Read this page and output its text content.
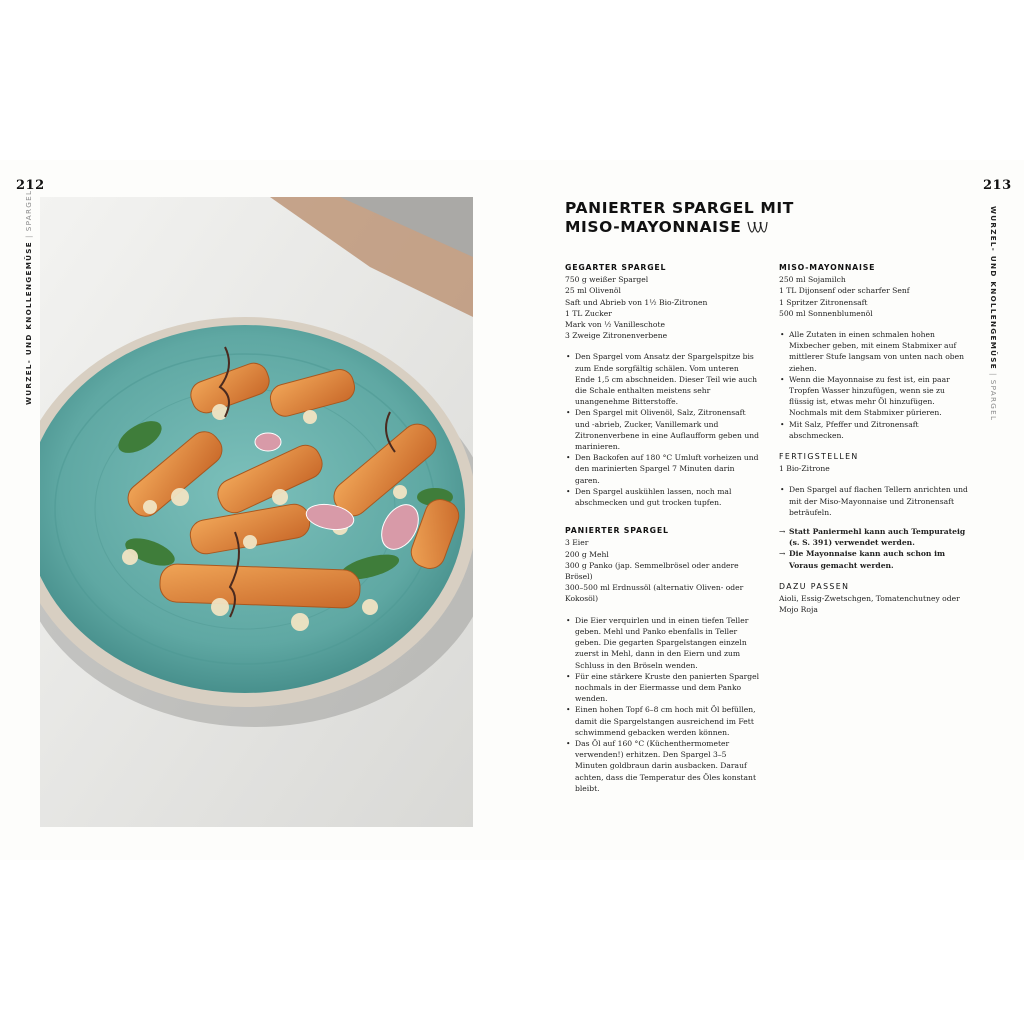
212
WURZEL- UND KNOLLENGEMÜSE|SPARGEL
213
WURZEL- UND KNOLLENGEMÜSE|SPARGEL
PANIERTER SPARGEL MIT
MISO-MAYONNAISE
GEGARTER SPARGEL
750 g weißer Spargel
25 ml Olivenöl
Saft und Abrieb von 1½ Bio-Zitronen
1 TL Zucker
Mark von ½ Vanilleschote
3 Zweige Zitronenverbene
• Den Spargel vom Ansatz der Spargelspitze bis zum Ende sorgfältig schälen. Vom unteren Ende 1,5 cm abschneiden. Dieser Teil wie auch die Schale enthalten meistens sehr unangenehme Bitterstoffe.
• Den Spargel mit Olivenöl, Salz, Zitronensaft und -abrieb, Zucker, Vanillemark und Zitronenverbene in eine Auflaufform geben und marinieren.
• Den Backofen auf 180 °C Umluft vorheizen und den marinierten Spargel 7 Minuten darin garen.
• Den Spargel auskühlen lassen, noch mal abschmecken und gut trocken tupfen.
PANIERTER SPARGEL
3 Eier
200 g Mehl
300 g Panko (jap. Semmelbrösel oder andere Brösel)
300–500 ml Erdnussöl (alternativ Oliven- oder Kokosöl)
• Die Eier verquirlen und in einen tiefen Teller geben. Mehl und Panko ebenfalls in Teller geben. Die gegarten Spargelstangen einzeln zuerst in Mehl, dann in den Eiern und zum Schluss in den Bröseln wenden.
• Für eine stärkere Kruste den panierten Spargel nochmals in der Eiermasse und dem Panko wenden.
• Einen hohen Topf 6–8 cm hoch mit Öl befüllen, damit die Spargelstangen ausreichend im Fett schwimmend gebacken werden können.
• Das Öl auf 160 °C (Küchenthermometer verwenden!) erhitzen. Den Spargel 3–5 Minuten goldbraun darin ausbacken. Darauf achten, dass die Temperatur des Öles konstant bleibt.
MISO-MAYONNAISE
250 ml Sojamilch
1 TL Dijonsenf oder scharfer Senf
1 Spritzer Zitronensaft
500 ml Sonnenblumenöl
• Alle Zutaten in einen schmalen hohen Mixbecher geben, mit einem Stabmixer auf mittlerer Stufe langsam von unten nach oben ziehen.
• Wenn die Mayonnaise zu fest ist, ein paar Tropfen Wasser hinzufügen, wenn sie zu flüssig ist, etwas mehr Öl hinzufügen. Nochmals mit dem Stabmixer pürieren.
• Mit Salz, Pfeffer und Zitronensaft abschmecken.
FERTIGSTELLEN
1 Bio-Zitrone
• Den Spargel auf flachen Tellern anrichten und mit der Miso-Mayonnaise und Zitronensaft beträufeln.
→ Statt Paniermehl kann auch Tempurateig (s. S. 391) verwendet werden.
→ Die Mayonnaise kann auch schon im Voraus gemacht werden.
DAZU PASSEN
Aioli, Essig-Zwetschgen, Tomatenchutney oder Mojo Roja
